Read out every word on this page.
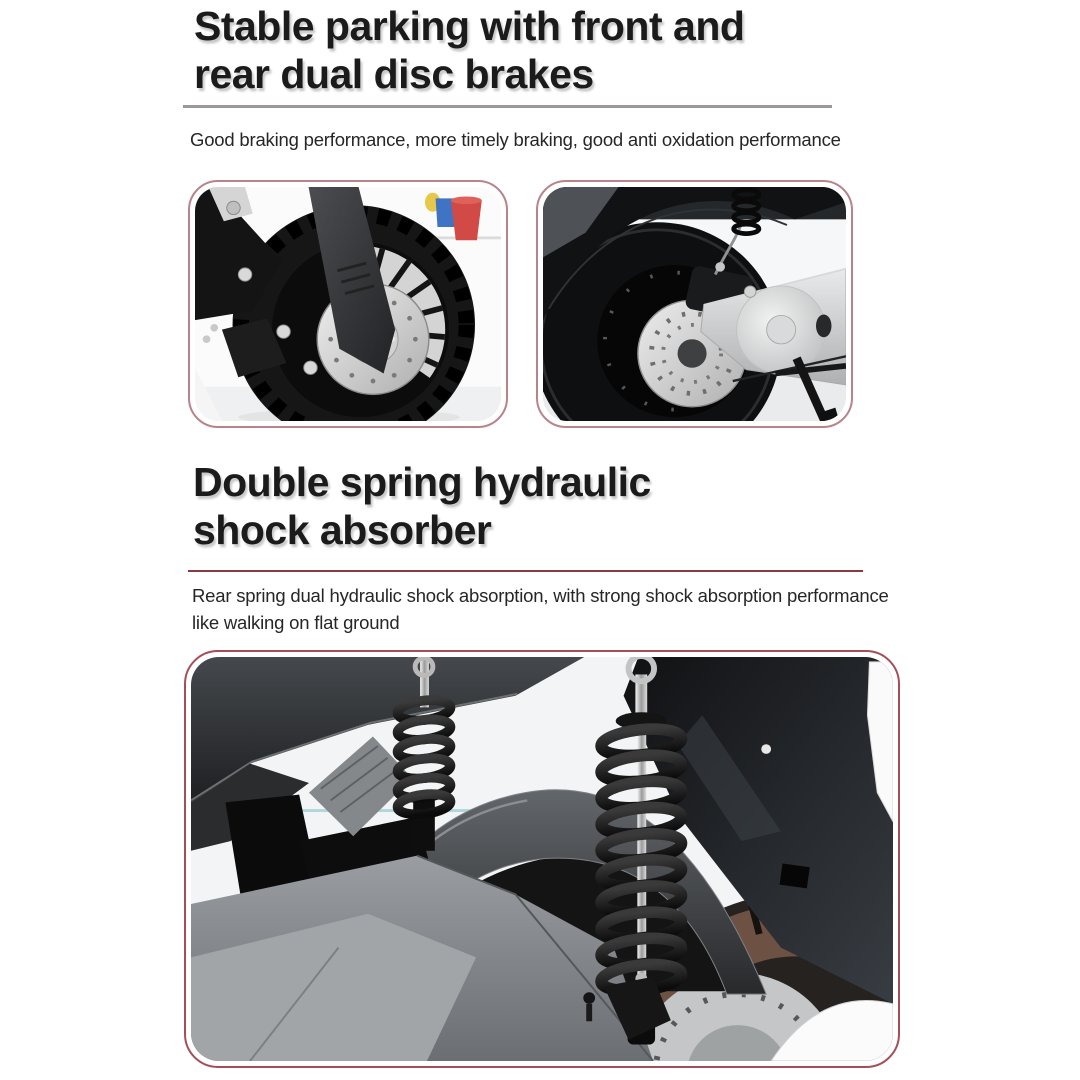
Stable parking with front and
rear dual disc brakes
Good braking performance, more timely braking, good anti oxidation performance
Double spring hydraulic
shock absorber
Rear spring dual hydraulic shock absorption, with strong shock absorption performance
like walking on flat ground
